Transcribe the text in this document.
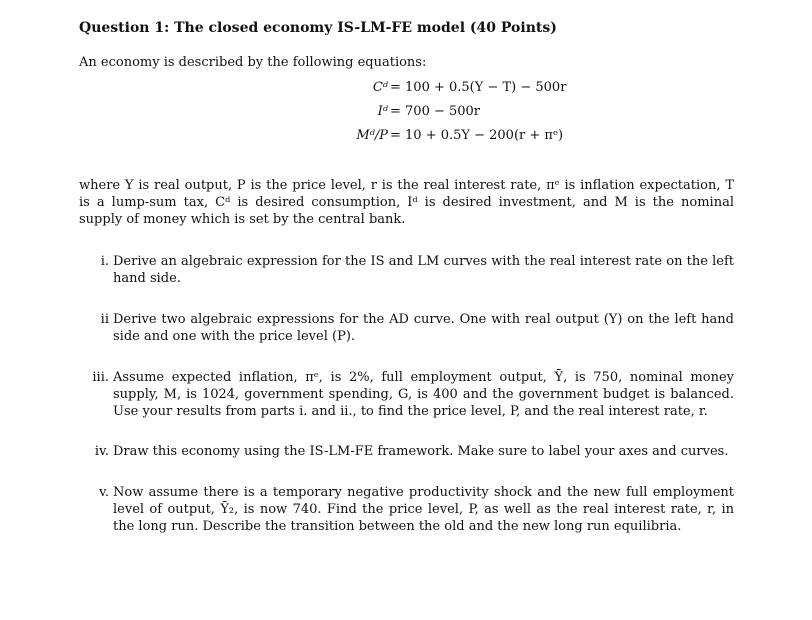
Question 1: The closed economy IS-LM-FE model (40 Points)
An economy is described by the following equations:
Cᵈ = 100 + 0.5(Y − T) − 500r
Iᵈ = 700 − 500r
Mᵈ/P = 10 + 0.5Y − 200(r + πᵉ)
where Y is real output, P is the price level, r is the real interest rate, πᵉ is inflation expectation, T is a lump-sum tax, Cᵈ is desired consumption, Iᵈ is desired investment, and M is the nominal supply of money which is set by the central bank.
i. Derive an algebraic expression for the IS and LM curves with the real interest rate on the left hand side.
ii Derive two algebraic expressions for the AD curve. One with real output (Y) on the left hand side and one with the price level (P).
iii. Assume expected inflation, πᵉ, is 2%, full employment output, Ȳ, is 750, nominal money supply, M, is 1024, government spending, G, is 400 and the government budget is balanced. Use your results from parts i. and ii., to find the price level, P, and the real interest rate, r.
iv. Draw this economy using the IS-LM-FE framework. Make sure to label your axes and curves.
v. Now assume there is a temporary negative productivity shock and the new full employment level of output, Ȳ₂, is now 740. Find the price level, P, as well as the real interest rate, r, in the long run. Describe the transition between the old and the new long run equilibria.
